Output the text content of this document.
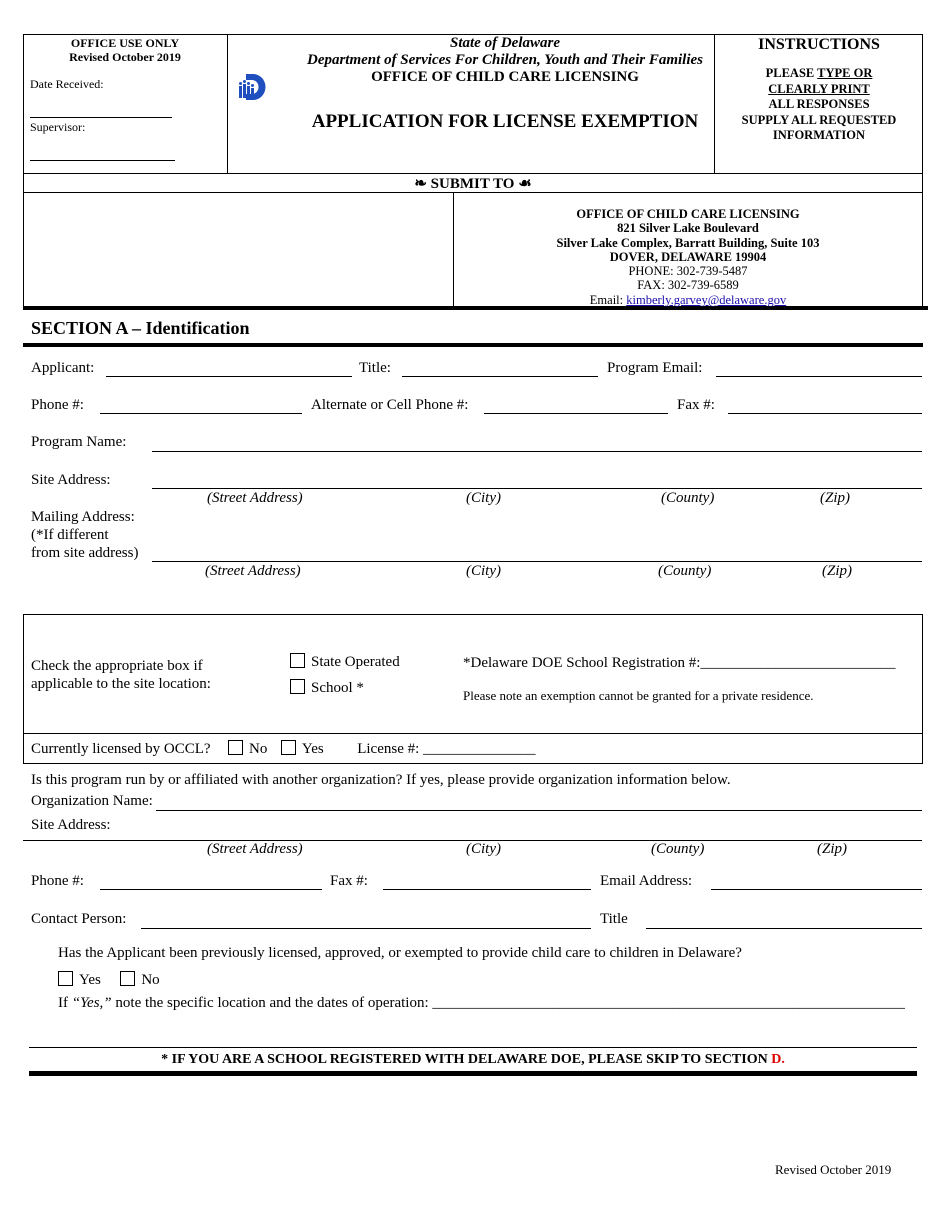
OFFICE USE ONLY
Revised October 2019
Date Received:
Supervisor:
State of Delaware
Department of Services For Children, Youth and Their Families
OFFICE OF CHILD CARE LICENSING
APPLICATION FOR LICENSE EXEMPTION
INSTRUCTIONS
PLEASE TYPE OR
CLEARLY PRINT
ALL RESPONSES
SUPPLY ALL REQUESTED
INFORMATION
❧ SUBMIT TO ☙
OFFICE OF CHILD CARE LICENSING
821 Silver Lake Boulevard
Silver Lake Complex, Barratt Building, Suite 103
DOVER, DELAWARE 19904
PHONE: 302-739-5487
FAX: 302-739-6589
Email: kimberly.garvey@delaware.gov
SECTION A – Identification
Applicant:	Title:	Program Email:
Phone #:	Alternate or Cell Phone #:	Fax #:
Program Name:
Site Address:
(Street Address)	(City)	(County)	(Zip)
Mailing Address:
(*If different
from site address)
(Street Address)	(City)	(County)	(Zip)
Check the appropriate box if
applicable to the site location:
State Operated
School *
*Delaware DOE School Registration #:__________________________
Please note an exemption cannot be granted for a private residence.
Currently licensed by OCCL?	No Yes License #: _______________
Is this program run by or affiliated with another organization? If yes, please provide organization information below.
Organization Name:
Site Address:
(Street Address)	(City)	(County)	(Zip)
Phone #:	Fax #:	Email Address:
Contact Person:	Title
Has the Applicant been previously licensed, approved, or exempted to provide child care to children in Delaware?
Yes	No
If “Yes,” note the specific location and the dates of operation: _______________________________________________________________
* IF YOU ARE A SCHOOL REGISTERED WITH DELAWARE DOE, PLEASE SKIP TO SECTION D.
Revised October 2019
